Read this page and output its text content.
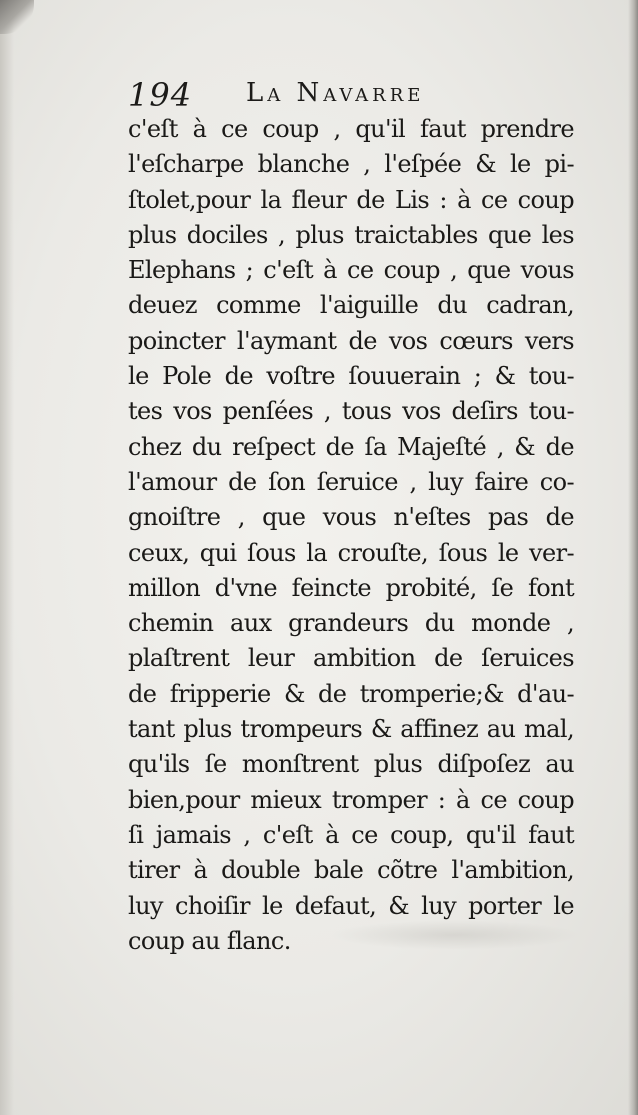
194 La Navarre
c'eſt à ce coup , qu'il faut prendre
l'eſcharpe blanche , l'eſpée & le pi-
ſtolet,pour la fleur de Lis : à ce coup
plus dociles , plus traictables que les
Elephans ; c'eſt à ce coup , que vous
deuez comme l'aiguille du cadran,
poincter l'aymant de vos cœurs vers
le Pole de voſtre ſouuerain ; & tou-
tes vos penſées , tous vos deſirs tou-
chez du reſpect de ſa Majeſté , & de
l'amour de ſon ſeruice , luy faire co-
gnoiſtre , que vous n'eſtes pas de
ceux, qui ſous la crouſte, ſous le ver-
millon d'vne feincte probité, ſe font
chemin aux grandeurs du monde ,
plaſtrent leur ambition de ſeruices
de fripperie & de tromperie;& d'au-
tant plus trompeurs & affinez au mal,
qu'ils ſe monſtrent plus diſpoſez au
bien,pour mieux tromper : à ce coup
ſi jamais , c'eſt à ce coup, qu'il faut
tirer à double bale cõtre l'ambition,
luy choiſir le defaut, & luy porter le
coup au flanc.
